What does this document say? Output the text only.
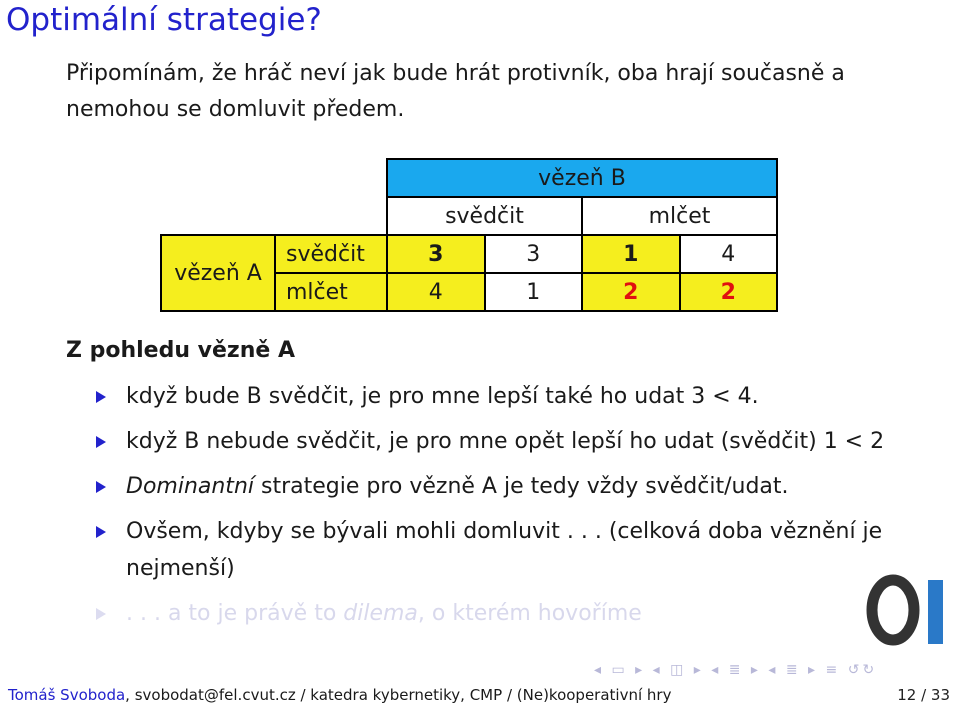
Optimální strategie?
Připomínám, že hráč neví jak bude hrát protivník, oba hrají současně a nemohou se domluvit předem.
		vězeň B			
		svědčit		mlčet	
vězeň A	svědčit	3	3	1	4
	mlčet	4	1	2	2
Z pohledu vězně A
když bude B svědčit, je pro mne lepší také ho udat 3 < 4.
když B nebude svědčit, je pro mne opět lepší ho udat (svědčit) 1 < 2
Dominantní strategie pro vězně A je tedy vždy svědčit/udat.
Ovšem, kdyby se bývali mohli domluvit . . . (celková doba věznění je nejmenší)
. . . a to je právě to dilema, o kterém hovoříme
◂ ▭ ▸ ◂ ◫ ▸ ◂ ≣ ▸ ◂ ≣ ▸ ≡ ↺↻
Tomáš Svoboda, svobodat@fel.cvut.cz / katedra kybernetiky, CMP / (Ne)kooperativní hry	12 / 33
